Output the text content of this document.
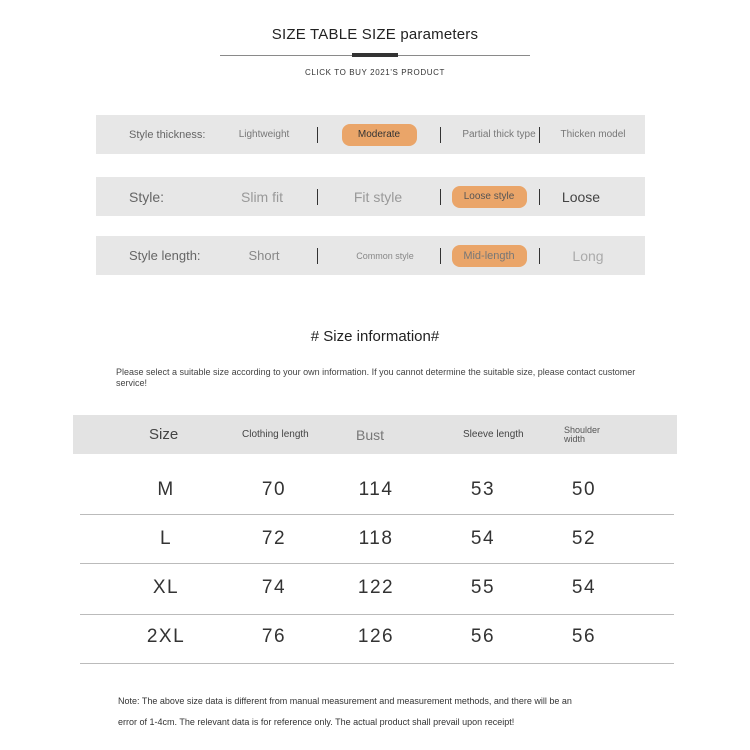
SIZE TABLE SIZE parameters
CLICK TO BUY 2021'S PRODUCT
Style thickness:	Lightweight	Moderate	Partial thick type	Thicken model
Style:	Slim fit	Fit style	Loose style	Loose
Style length:	Short	Common style	Mid-length	Long
# Size information#
Please select a suitable size according to your own information. If you cannot determine the suitable size, please contact customer service!
Size	Clothing length	Bust	Sleeve length	Shoulder width
M	70	114	53	50
L	72	118	54	52
XL	74	122	55	54
2XL	76	126	56	56
Note: The above size data is different from manual measurement and measurement methods, and there will be an
error of 1-4cm. The relevant data is for reference only. The actual product shall prevail upon receipt!
